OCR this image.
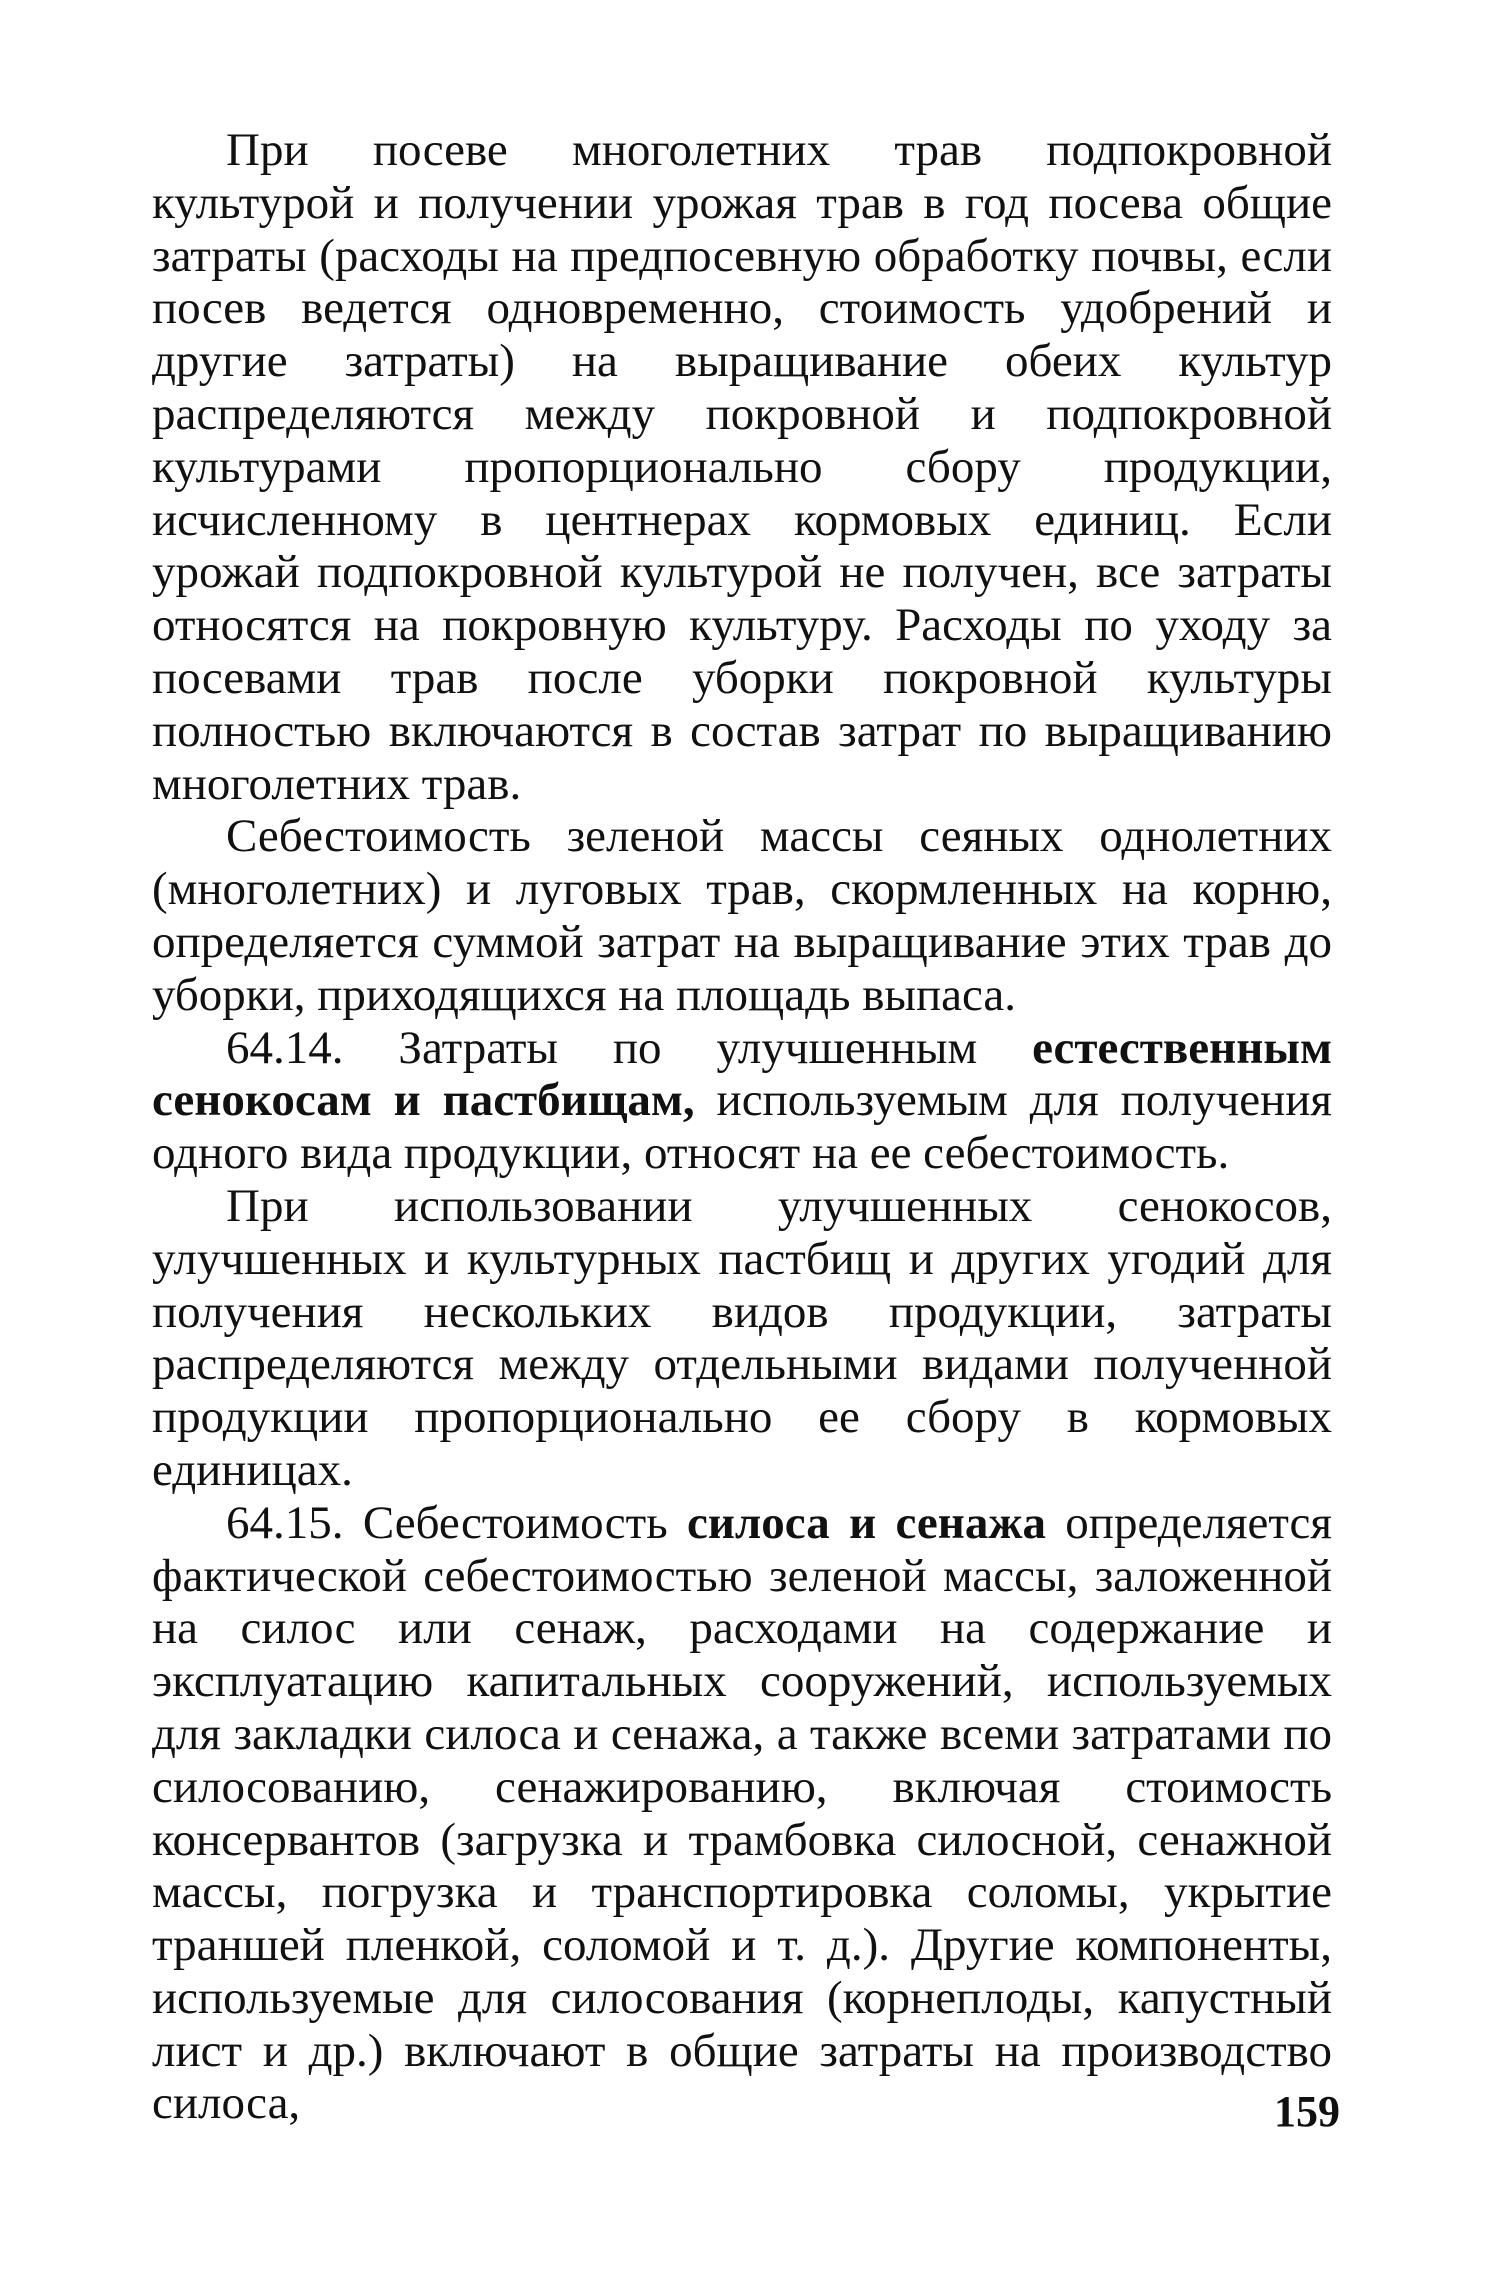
При посеве многолетних трав подпокровной культурой и получении урожая трав в год посева общие затраты (расходы на предпосевную обработку почвы, если посев ведется одновременно, стоимость удобрений и другие затраты) на выращивание обеих культур распределяются между покровной и подпокровной культурами пропорционально сбору продукции, исчисленному в центнерах кормовых единиц. Если урожай подпокровной культурой не получен, все затраты относятся на покровную культуру. Расходы по уходу за посевами трав после уборки покровной культуры полностью включаются в состав затрат по выращиванию многолетних трав.

Себестоимость зеленой массы сеяных однолетних (многолетних) и луговых трав, скормленных на корню, определяется суммой затрат на выращивание этих трав до уборки, приходящихся на площадь выпаса.

64.14. Затраты по улучшенным естественным сенокосам и пастбищам, используемым для получения одного вида продукции, относят на ее себестоимость.

При использовании улучшенных сенокосов, улучшенных и культурных пастбищ и других угодий для получения нескольких видов продукции, затраты распределяются между отдельными видами полученной продукции пропорционально ее сбору в кормовых единицах.

64.15. Себестоимость силоса и сенажа определяется фактической себестоимостью зеленой массы, заложенной на силос или сенаж, расходами на содержание и эксплуатацию капитальных сооружений, используемых для закладки силоса и сенажа, а также всеми затратами по силосованию, сенажированию, включая стоимость консервантов (загрузка и трамбовка силосной, сенажной массы, погрузка и транспортировка соломы, укрытие траншей пленкой, соломой и т. д.). Другие компоненты, используемые для силосования (корнеплоды, капустный лист и др.) включают в общие затраты на производство силоса,	159
